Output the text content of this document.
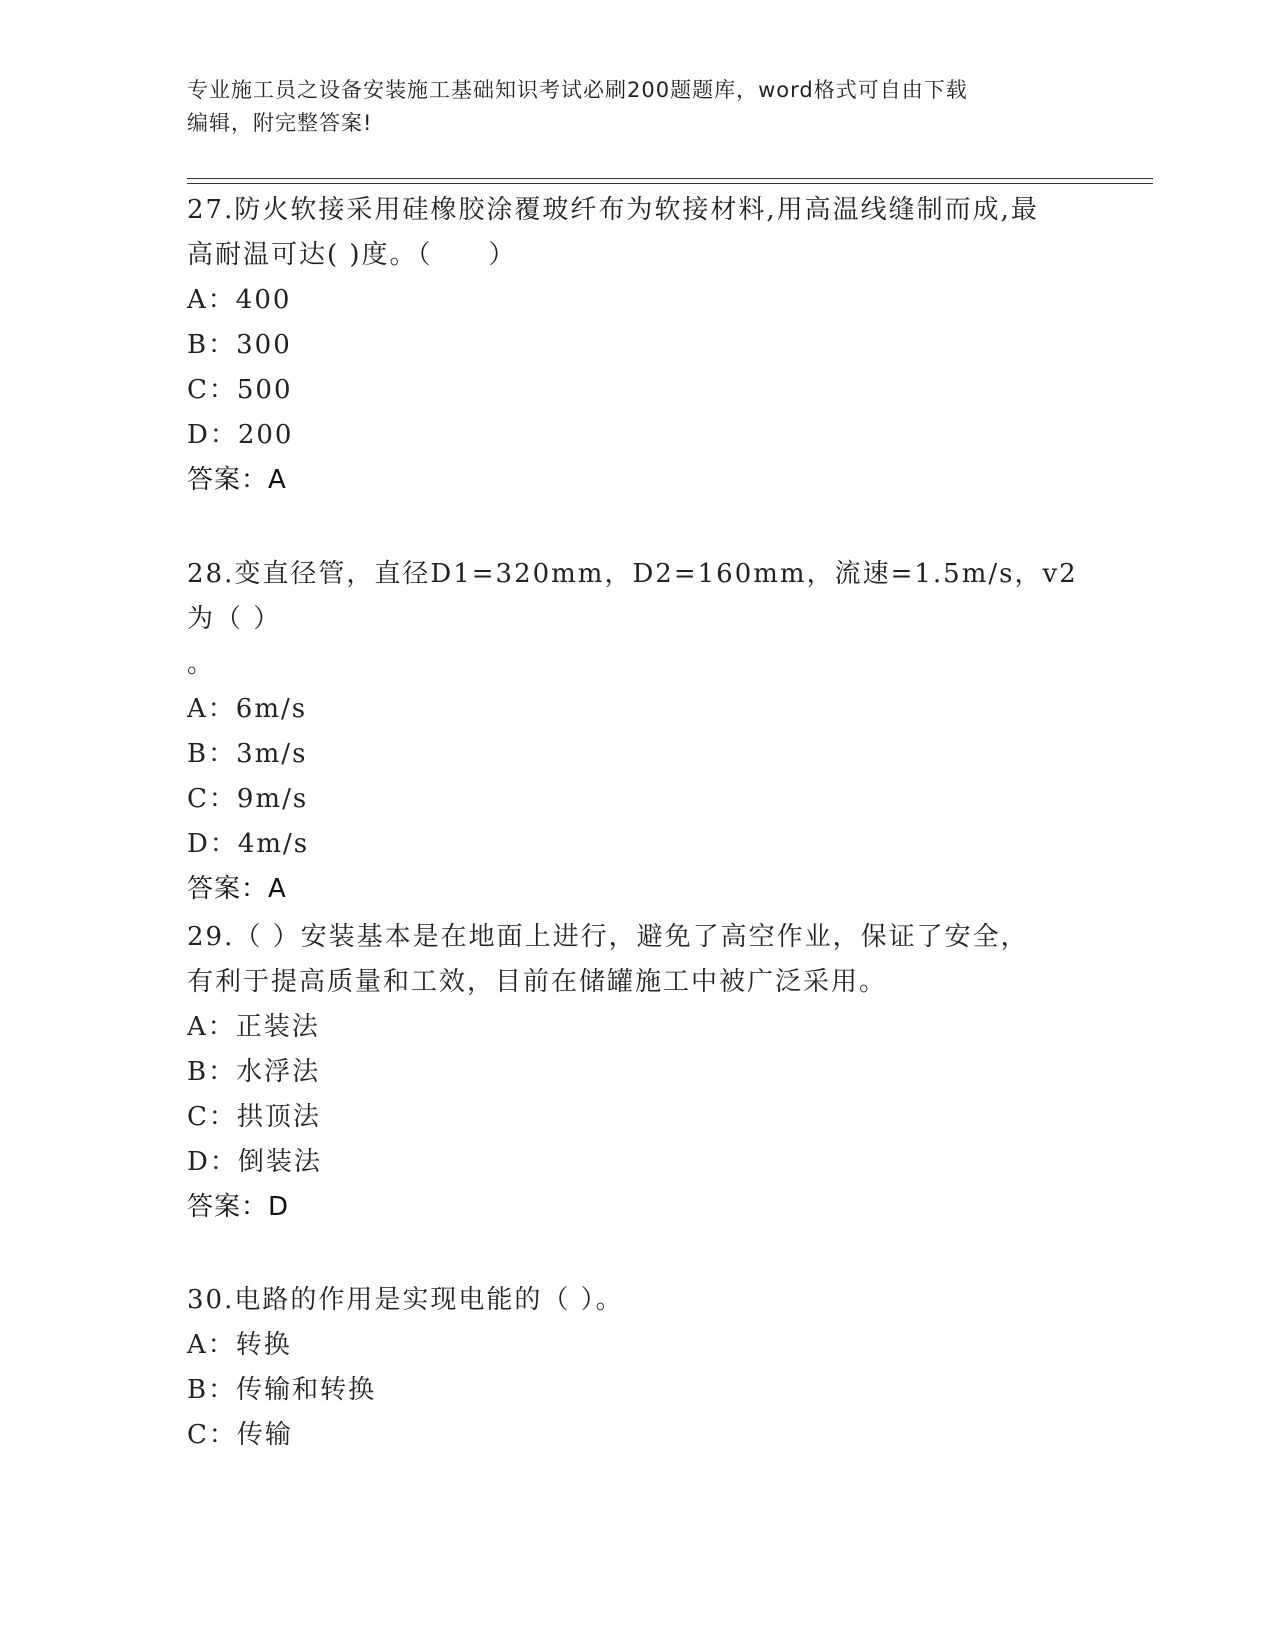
专业施工员之设备安装施工基础知识考试必刷200题题库，word格式可自由下载
编辑，附完整答案!
27.防火软接采用硅橡胶涂覆玻纤布为软接材料,用高温线缝制而成,最
高耐温可达( )度。（　　）
A：400
B：300
C：500
D：200
答案：A
28.变直径管，直径D1=320mm，D2=160mm，流速=1.5m/s，v2为（ ）
。
A：6m/s
B：3m/s
C：9m/s
D：4m/s
答案：A
29.（ ）安装基本是在地面上进行，避免了高空作业，保证了安全，
有利于提高质量和工效，目前在储罐施工中被广泛采用。
A：正装法
B：水浮法
C：拱顶法
D：倒装法
答案：D
30.电路的作用是实现电能的（ ）。
A：转换
B：传输和转换
C：传输
